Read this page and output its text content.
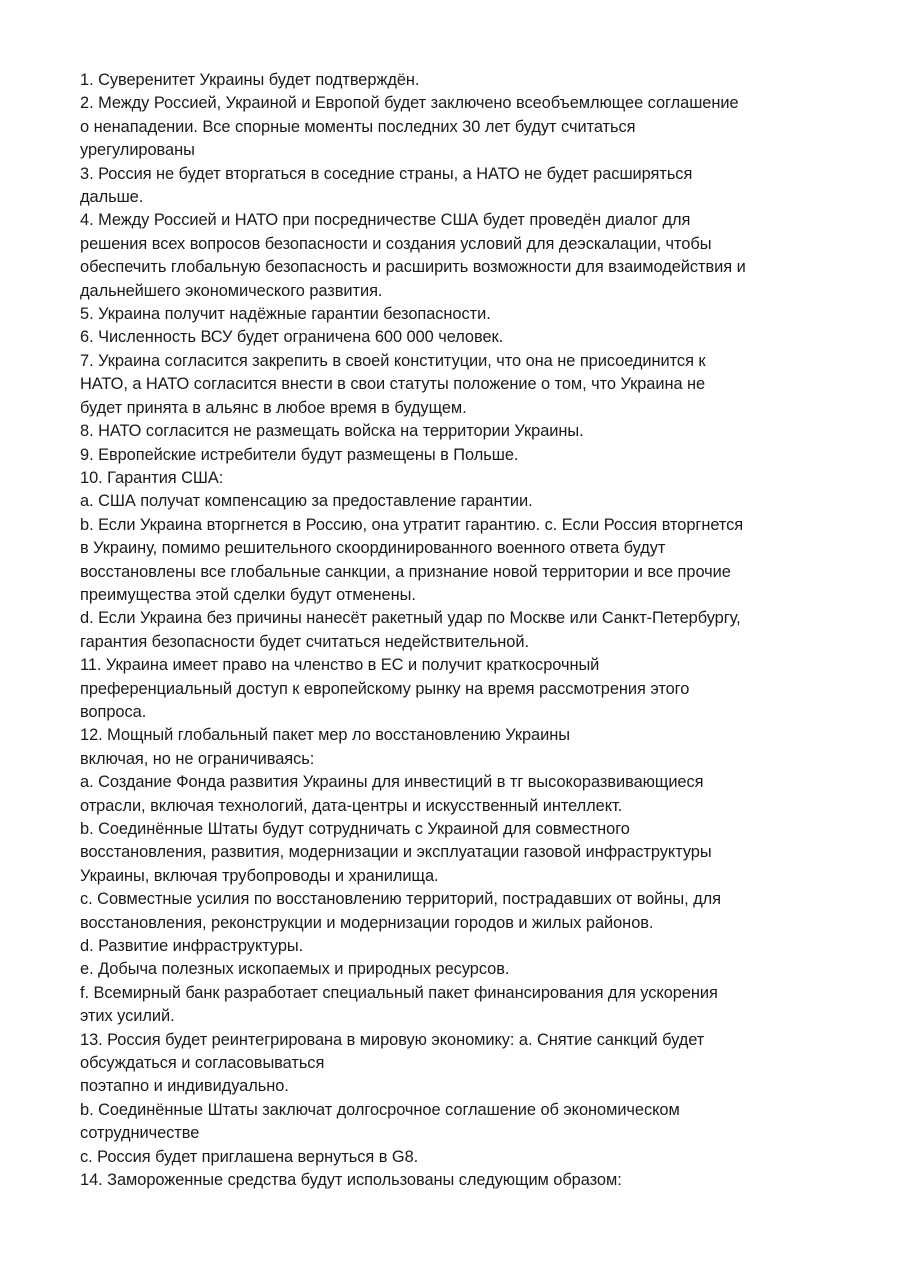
1. Суверенитет Украины будет подтверждён.

2. Между Россией, Украиной и Европой будет заключено всеобъемлющее соглашение

о ненападении. Все спорные моменты последних 30 лет будут считаться

урегулированы

3. Россия не будет вторгаться в соседние страны, а НАТО не будет расширяться

дальше.

4. Между Россией и НАТО при посредничестве США будет проведён диалог для

решения всех вопросов безопасности и создания условий для деэскалации, чтобы

обеспечить глобальную безопасность и расширить возможности для взаимодействия и

дальнейшего экономического развития.

5. Украина получит надёжные гарантии безопасности.

6. Численность ВСУ будет ограничена 600 000 человек.

7. Украина согласится закрепить в своей конституции, что она не присоединится к

НАТО, а НАТО согласится внести в свои статуты положение о том, что Украина не

будет принята в альянс в любое время в будущем.

8. НАТО согласится не размещать войска на территории Украины.

9. Европейские истребители будут размещены в Польше.

10. Гарантия США:

a. США получат компенсацию за предоставление гарантии.

b. Если Украина вторгнется в Россию, она утратит гарантию. c. Если Россия вторгнется

в Украину, помимо решительного скоординированного военного ответа будут

восстановлены все глобальные санкции, а признание новой территории и все прочие

преимущества этой сделки будут отменены.

d. Если Украина без причины нанесёт ракетный удар по Москве или Санкт-Петербургу,

гарантия безопасности будет считаться недействительной.

11. Украина имеет право на членство в ЕС и получит краткосрочный

преференциальный доступ к европейскому рынку на время рассмотрения этого

вопроса.

12. Мощный глобальный пакет мер ло восстановлению Украины

включая, но не ограничиваясь:

a. Создание Фонда развития Украины для инвестиций в тг высокоразвивающиеся

отрасли, включая технологий, дата-центры и искусственный интеллект.

b. Соединённые Штаты будут сотрудничать с Украиной для совместного

восстановления, развития, модернизации и эксплуатации газовой инфраструктуры

Украины, включая трубопроводы и хранилища.

c. Совместные усилия по восстановлению территорий, пострадавших от войны, для

восстановления, реконструкции и модернизации городов и жилых районов.

d. Развитие инфраструктуры.

e. Добыча полезных ископаемых и природных ресурсов.

f. Всемирный банк разработает специальный пакет финансирования для ускорения

этих усилий.

13. Россия будет реинтегрирована в мировую экономику: a. Снятие санкций будет

обсуждаться и согласовываться

поэтапно и индивидуально.

b. Соединённые Штаты заключат долгосрочное соглашение об экономическом

сотрудничестве

c. Россия будет приглашена вернуться в G8.

14. Замороженные средства будут использованы следующим образом:
